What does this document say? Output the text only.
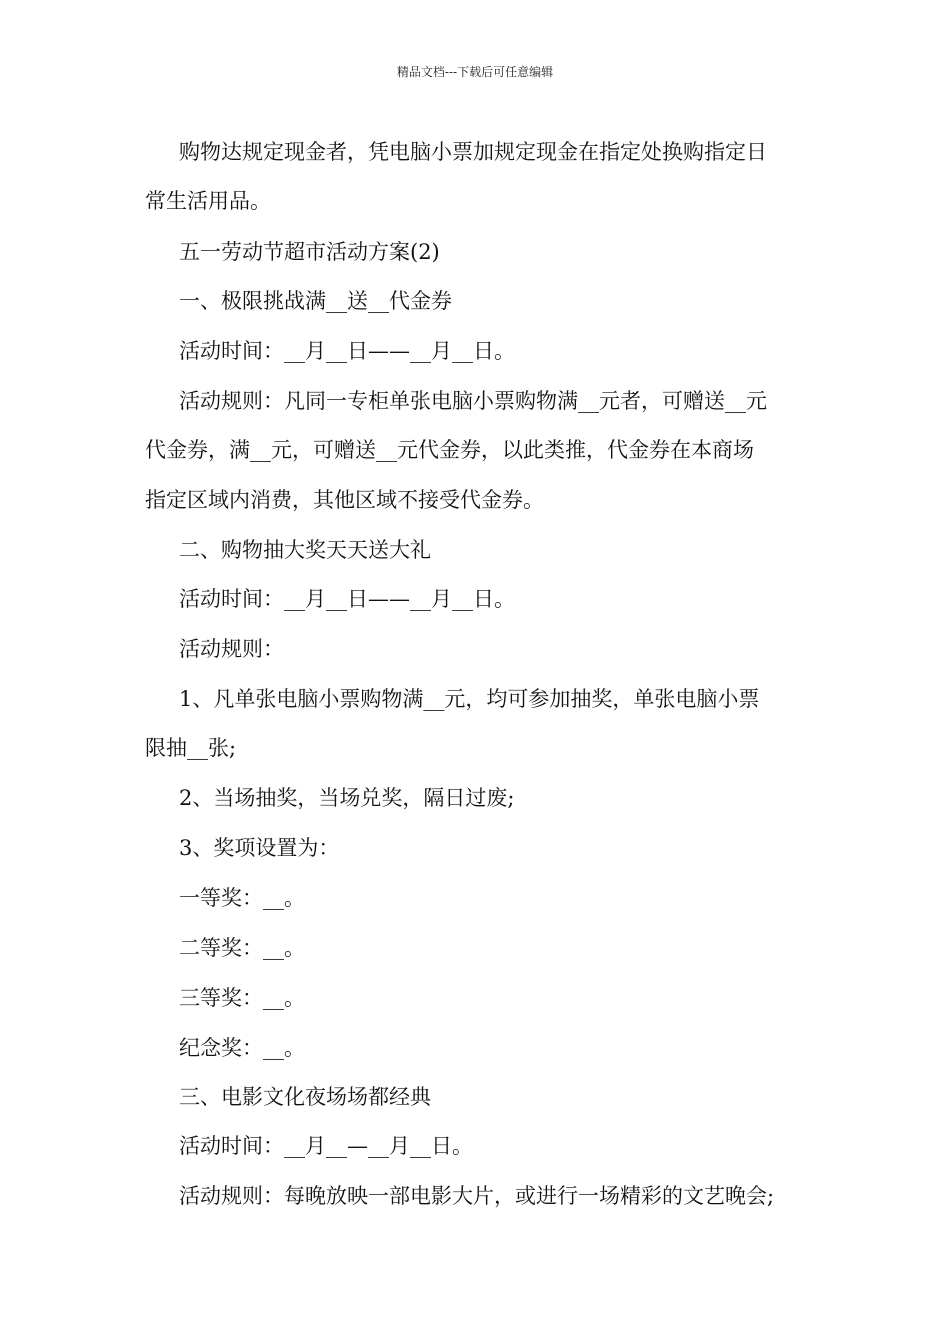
精品文档---下载后可任意编辑
购物达规定现金者，凭电脑小票加规定现金在指定处换购指定日
常生活用品。
五一劳动节超市活动方案(2)
一、极限挑战满__送__代金券
活动时间：__月__日——__月__日。
活动规则：凡同一专柜单张电脑小票购物满__元者，可赠送__元
代金券，满__元，可赠送__元代金券，以此类推，代金券在本商场
指定区域内消费，其他区域不接受代金券。
二、购物抽大奖天天送大礼
活动时间：__月__日——__月__日。
活动规则：
1、凡单张电脑小票购物满__元，均可参加抽奖，单张电脑小票
限抽__张;
2、当场抽奖，当场兑奖，隔日过废;
3、奖项设置为：
一等奖：__。
二等奖：__。
三等奖：__。
纪念奖：__。
三、电影文化夜场场都经典
活动时间：__月__—__月__日。
活动规则：每晚放映一部电影大片，或进行一场精彩的文艺晚会;
